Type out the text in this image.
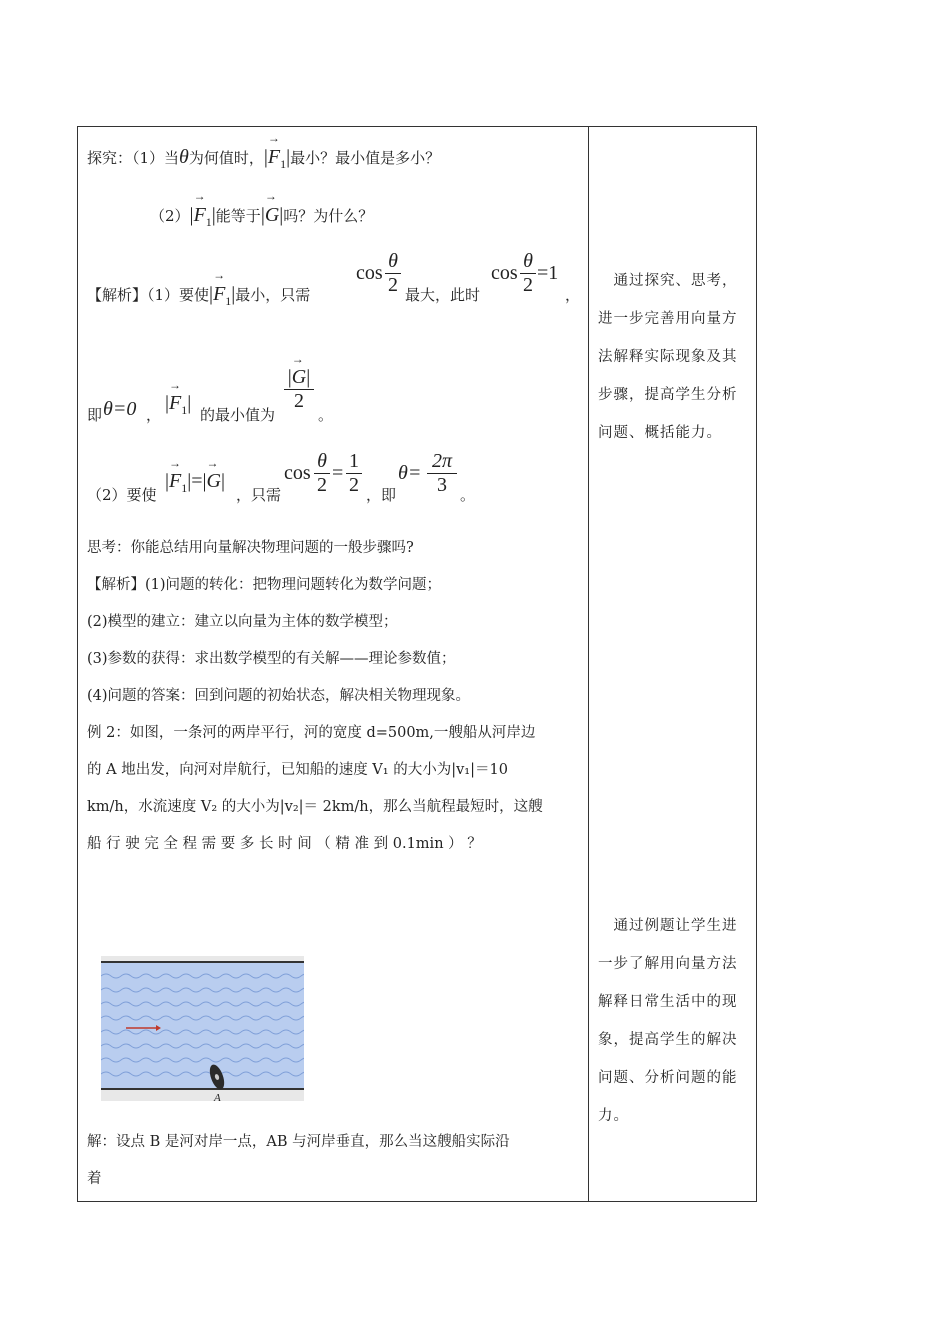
探究：（1）当θ为何值时，|→ $F_1|$最小？最小值是多小？
$(2)|\to F_1|$能等于|→ G|吗？为什么？
【解析】（1）要使|→ $F_1|$最小，只需
cos
θ
2 最大，此时
cos
θ
2
=1
，
即 θ=0 ，
|→ $F_1|$
的最小值为
|→ G|
2
。
（2）要使
|→ $F_1|=|\to G|$
，只需
cos
θ
2
=
1
2 ，即
θ=
2π
3 。
思考：你能总结用向量解决物理问题的一般步骤吗?
【解析】(1)问题的转化：把物理问题转化为数学问题；
(2)模型的建立：建立以向量为主体的数学模型；
(3)参数的获得：求出数学模型的有关解——理论参数值；
(4)问题的答案：回到问题的初始状态，解决相关物理现象。
例 2：如图，一条河的两岸平行，河的宽度 d=500m,一艘船从河岸边
的 A 地出发，向河对岸航行，已知船的速度 V₁ 的大小为|v₁|＝10
km/h，水流速度 V₂ 的大小为|v₂|＝ 2km/h，那么当航程最短时，这艘
船 行 驶 完 全 程 需 要 多 长 时 间 （ 精 准 到 0.1min ） ？
A
解：设点 B 是河对岸一点，AB 与河岸垂直，那么当这艘船实际沿
着
　通过探究、思考，进一步完善用向量方法解释实际现象及其步骤，提高学生分析问题、概括能力。
　通过例题让学生进一步了解用向量方法解释日常生活中的现象，提高学生的解决问题、分析问题的能力。
